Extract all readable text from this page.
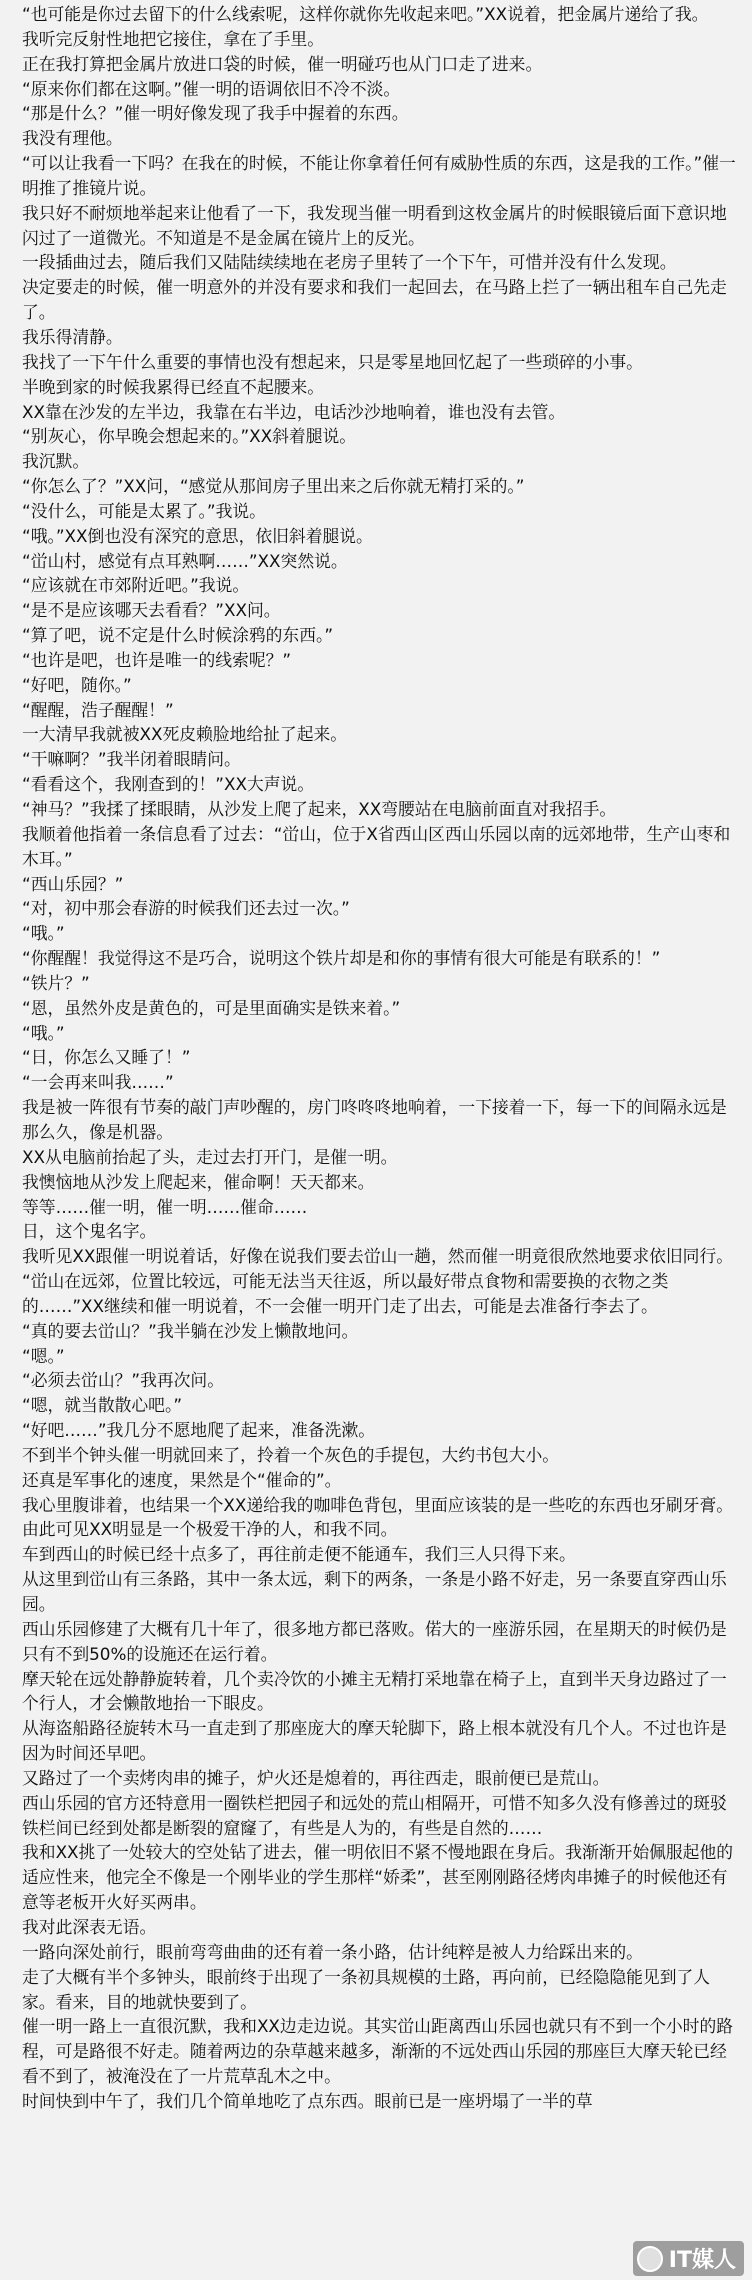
“也可能是你过去留下的什么线索呢，这样你就你先收起来吧。”XX说着，把金属片递给了我。

我听完反射性地把它接住，拿在了手里。

正在我打算把金属片放进口袋的时候，催一明碰巧也从门口走了进来。

“原来你们都在这啊。”催一明的语调依旧不冷不淡。

“那是什么？”催一明好像发现了我手中握着的东西。

我没有理他。

“可以让我看一下吗？在我在的时候，不能让你拿着任何有威胁性质的东西，这是我的工作。”催一明推了推镜片说。

我只好不耐烦地举起来让他看了一下，我发现当催一明看到这枚金属片的时候眼镜后面下意识地闪过了一道微光。不知道是不是金属在镜片上的反光。

一段插曲过去，随后我们又陆陆续续地在老房子里转了一个下午，可惜并没有什么发现。

决定要走的时候，催一明意外的并没有要求和我们一起回去，在马路上拦了一辆出租车自己先走了。

我乐得清静。

我找了一下午什么重要的事情也没有想起来，只是零星地回忆起了一些琐碎的小事。

半晚到家的时候我累得已经直不起腰来。

XX靠在沙发的左半边，我靠在右半边，电话沙沙地响着，谁也没有去管。

“别灰心，你早晚会想起来的。”XX斜着腿说。

我沉默。

“你怎么了？”XX问，“感觉从那间房子里出来之后你就无精打采的。”

“没什么，可能是太累了。”我说。

“哦。”XX倒也没有深究的意思，依旧斜着腿说。

“峃山村，感觉有点耳熟啊……”XX突然说。

“应该就在市郊附近吧。”我说。

“是不是应该哪天去看看？”XX问。

“算了吧，说不定是什么时候涂鸦的东西。”

“也许是吧，也许是唯一的线索呢？”

“好吧，随你。”

“醒醒，浩子醒醒！”

一大清早我就被XX死皮赖脸地给扯了起来。

“干嘛啊？”我半闭着眼睛问。

“看看这个，我刚查到的！”XX大声说。

“神马？”我揉了揉眼睛，从沙发上爬了起来，XX弯腰站在电脑前面直对我招手。

我顺着他指着一条信息看了过去：“峃山，位于X省西山区西山乐园以南的远郊地带，生产山枣和木耳。”

“西山乐园？”

“对，初中那会春游的时候我们还去过一次。”

“哦。”

“你醒醒！我觉得这不是巧合，说明这个铁片却是和你的事情有很大可能是有联系的！”

“铁片？”

“恩，虽然外皮是黄色的，可是里面确实是铁来着。”

“哦。”

“日，你怎么又睡了！”

“一会再来叫我……”

我是被一阵很有节奏的敲门声吵醒的，房门咚咚咚地响着，一下接着一下，每一下的间隔永远是那么久，像是机器。

XX从电脑前抬起了头，走过去打开门，是催一明。

我懊恼地从沙发上爬起来，催命啊！天天都来。

等等……催一明，催一明……催命……

日，这个鬼名字。

我听见XX跟催一明说着话，好像在说我们要去峃山一趟，然而催一明竟很欣然地要求依旧同行。

“峃山在远郊，位置比较远，可能无法当天往返，所以最好带点食物和需要换的衣物之类的……”XX继续和催一明说着，不一会催一明开门走了出去，可能是去准备行李去了。

“真的要去峃山？”我半躺在沙发上懒散地问。

“嗯。”

“必须去峃山？”我再次问。

“嗯，就当散散心吧。”

“好吧……”我几分不愿地爬了起来，准备洗漱。

不到半个钟头催一明就回来了，拎着一个灰色的手提包，大约书包大小。

还真是军事化的速度，果然是个“催命的”。

我心里腹诽着，也结果一个XX递给我的咖啡色背包，里面应该装的是一些吃的东西也牙刷牙膏。

由此可见XX明显是一个极爱干净的人，和我不同。

车到西山的时候已经十点多了，再往前走便不能通车，我们三人只得下来。

从这里到峃山有三条路，其中一条太远，剩下的两条，一条是小路不好走，另一条要直穿西山乐园。

西山乐园修建了大概有几十年了，很多地方都已落败。偌大的一座游乐园，在星期天的时候仍是只有不到50%的设施还在运行着。

摩天轮在远处静静旋转着，几个卖冷饮的小摊主无精打采地靠在椅子上，直到半天身边路过了一个行人，才会懒散地抬一下眼皮。

从海盗船路径旋转木马一直走到了那座庞大的摩天轮脚下，路上根本就没有几个人。不过也许是因为时间还早吧。

又路过了一个卖烤肉串的摊子，炉火还是熄着的，再往西走，眼前便已是荒山。

西山乐园的官方还特意用一圈铁栏把园子和远处的荒山相隔开，可惜不知多久没有修善过的斑驳铁栏间已经到处都是断裂的窟窿了，有些是人为的，有些是自然的……

我和XX挑了一处较大的空处钻了进去，催一明依旧不紧不慢地跟在身后。我渐渐开始佩服起他的适应性来，他完全不像是一个刚毕业的学生那样“娇柔”，甚至刚刚路径烤肉串摊子的时候他还有意等老板开火好买两串。

我对此深表无语。

一路向深处前行，眼前弯弯曲曲的还有着一条小路，估计纯粹是被人力给踩出来的。

走了大概有半个多钟头，眼前终于出现了一条初具规模的土路，再向前，已经隐隐能见到了人家。看来，目的地就快要到了。

催一明一路上一直很沉默，我和XX边走边说。其实峃山距离西山乐园也就只有不到一个小时的路程，可是路很不好走。随着两边的杂草越来越多，渐渐的不远处西山乐园的那座巨大摩天轮已经看不到了，被淹没在了一片荒草乱木之中。

时间快到中午了，我们几个简单地吃了点东西。眼前已是一座坍塌了一半的草

IT媒人
